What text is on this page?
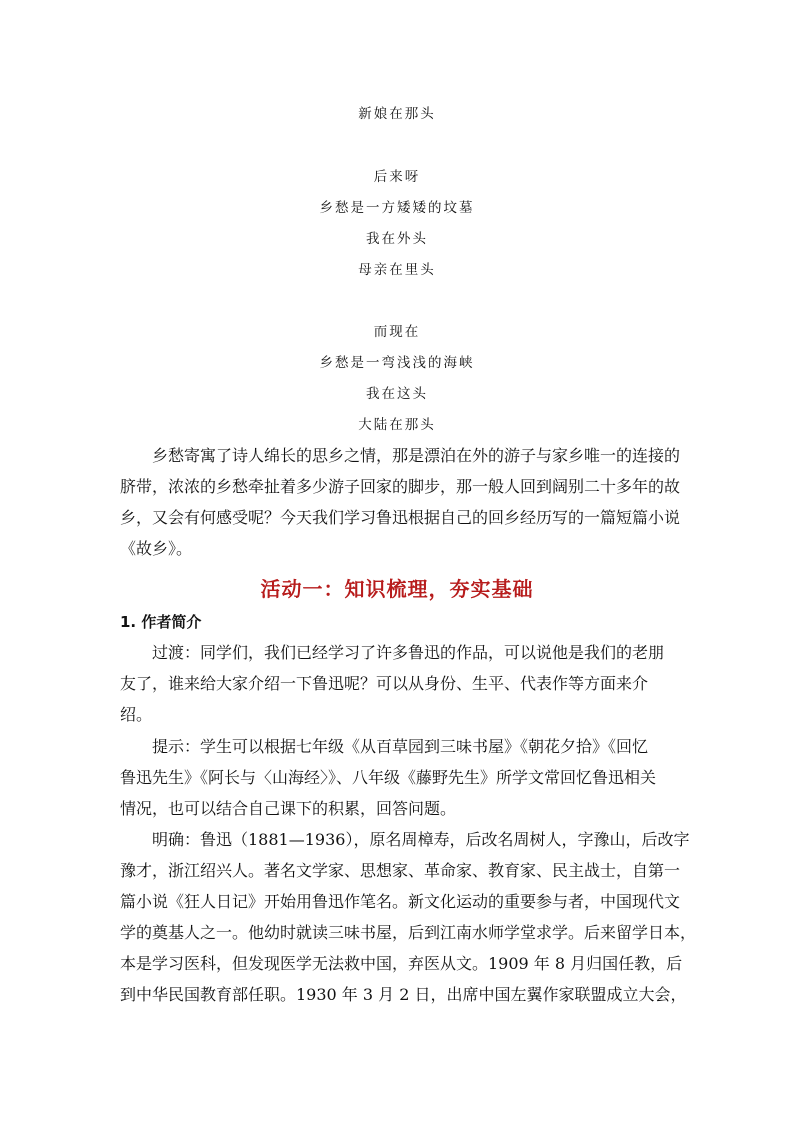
新娘在那头
后来呀
乡愁是一方矮矮的坟墓
我在外头
母亲在里头
而现在
乡愁是一弯浅浅的海峡
我在这头
大陆在那头
乡愁寄寓了诗人绵长的思乡之情，那是漂泊在外的游子与家乡唯一的连接的
脐带，浓浓的乡愁牵扯着多少游子回家的脚步，那一般人回到阔别二十多年的故
乡，又会有何感受呢？今天我们学习鲁迅根据自己的回乡经历写的一篇短篇小说
《故乡》。
活动一：知识梳理，夯实基础
1. 作者简介
过渡：同学们，我们已经学习了许多鲁迅的作品，可以说他是我们的老朋
友了，谁来给大家介绍一下鲁迅呢？可以从身份、生平、代表作等方面来介
绍。
提示：学生可以根据七年级《从百草园到三味书屋》《朝花夕拾》《回忆
鲁迅先生》《阿长与〈山海经〉》、八年级《藤野先生》所学文常回忆鲁迅相关
情况，也可以结合自己课下的积累，回答问题。
明确：鲁迅（1881—1936），原名周樟寿，后改名周树人，字豫山，后改字
豫才，浙江绍兴人。著名文学家、思想家、革命家、教育家、民主战士，自第一
篇小说《狂人日记》开始用鲁迅作笔名。新文化运动的重要参与者，中国现代文
学的奠基人之一。他幼时就读三味书屋，后到江南水师学堂求学。后来留学日本，
本是学习医科，但发现医学无法救中国，弃医从文。1909 年 8 月归国任教，后
到中华民国教育部任职。1930 年 3 月 2 日，出席中国左翼作家联盟成立大会，
